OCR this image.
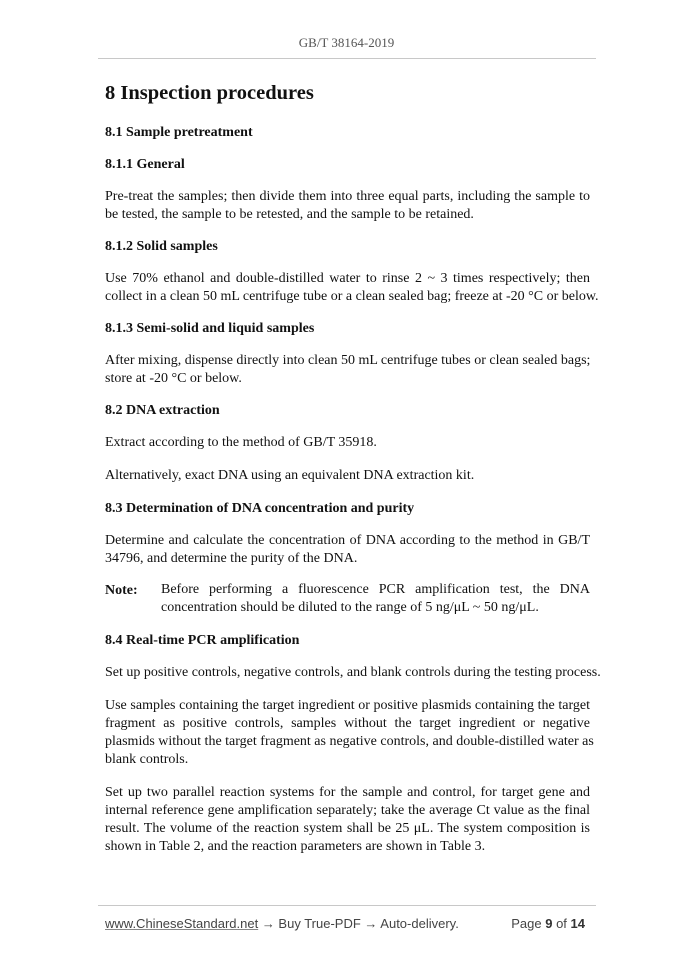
GB/T 38164-2019
8 Inspection procedures
8.1 Sample pretreatment
8.1.1 General
Pre-treat the samples; then divide them into three equal parts, including the sample to
be tested, the sample to be retested, and the sample to be retained.
8.1.2 Solid samples
Use 70% ethanol and double-distilled water to rinse 2 ~ 3 times respectively; then
collect in a clean 50 mL centrifuge tube or a clean sealed bag; freeze at -20 °C or below.
8.1.3 Semi-solid and liquid samples
After mixing, dispense directly into clean 50 mL centrifuge tubes or clean sealed bags;
store at -20 °C or below.
8.2 DNA extraction
Extract according to the method of GB/T 35918.
Alternatively, exact DNA using an equivalent DNA extraction kit.
8.3 Determination of DNA concentration and purity
Determine and calculate the concentration of DNA according to the method in GB/T
34796, and determine the purity of the DNA.
Note: Before performing a fluorescence PCR amplification test, the DNA
concentration should be diluted to the range of 5 ng/μL ~ 50 ng/μL.
8.4 Real-time PCR amplification
Set up positive controls, negative controls, and blank controls during the testing process.
Use samples containing the target ingredient or positive plasmids containing the target
fragment as positive controls, samples without the target ingredient or negative
plasmids without the target fragment as negative controls, and double-distilled water as
blank controls.
Set up two parallel reaction systems for the sample and control, for target gene and
internal reference gene amplification separately; take the average Ct value as the final
result. The volume of the reaction system shall be 25 μL. The system composition is
shown in Table 2, and the reaction parameters are shown in Table 3.
www.ChineseStandard.net → Buy True-PDF → Auto-delivery.	Page 9 of 14
